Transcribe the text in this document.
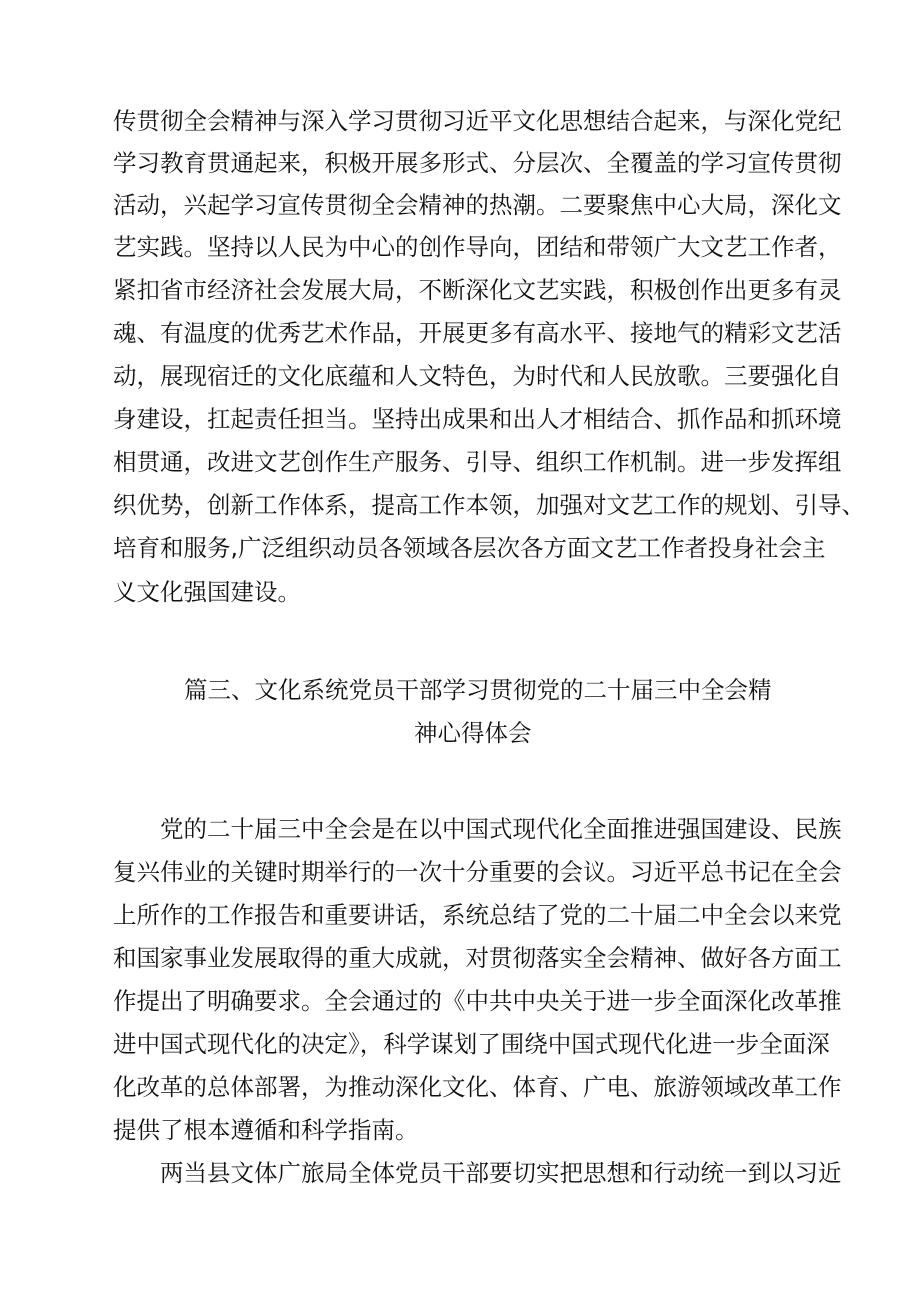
传贯彻全会精神与深入学习贯彻习近平文化思想结合起来，与深化党纪
学习教育贯通起来，积极开展多形式、分层次、全覆盖的学习宣传贯彻
活动，兴起学习宣传贯彻全会精神的热潮。二要聚焦中心大局，深化文
艺实践。坚持以人民为中心的创作导向，团结和带领广大文艺工作者，
紧扣省市经济社会发展大局，不断深化文艺实践，积极创作出更多有灵
魂、有温度的优秀艺术作品，开展更多有高水平、接地气的精彩文艺活
动，展现宿迁的文化底蕴和人文特色，为时代和人民放歌。三要强化自
身建设，扛起责任担当。坚持出成果和出人才相结合、抓作品和抓环境
相贯通，改进文艺创作生产服务、引导、组织工作机制。进一步发挥组
织优势，创新工作体系，提高工作本领，加强对文艺工作的规划、引导、
培育和服务,广泛组织动员各领域各层次各方面文艺工作者投身社会主
义文化强国建设。
篇三、文化系统党员干部学习贯彻党的二十届三中全会精
神心得体会
党的二十届三中全会是在以中国式现代化全面推进强国建设、民族
复兴伟业的关键时期举行的一次十分重要的会议。习近平总书记在全会
上所作的工作报告和重要讲话，系统总结了党的二十届二中全会以来党
和国家事业发展取得的重大成就，对贯彻落实全会精神、做好各方面工
作提出了明确要求。全会通过的《中共中央关于进一步全面深化改革推
进中国式现代化的决定》，科学谋划了围绕中国式现代化进一步全面深
化改革的总体部署，为推动深化文化、体育、广电、旅游领域改革工作
提供了根本遵循和科学指南。
两当县文体广旅局全体党员干部要切实把思想和行动统一到以习近
